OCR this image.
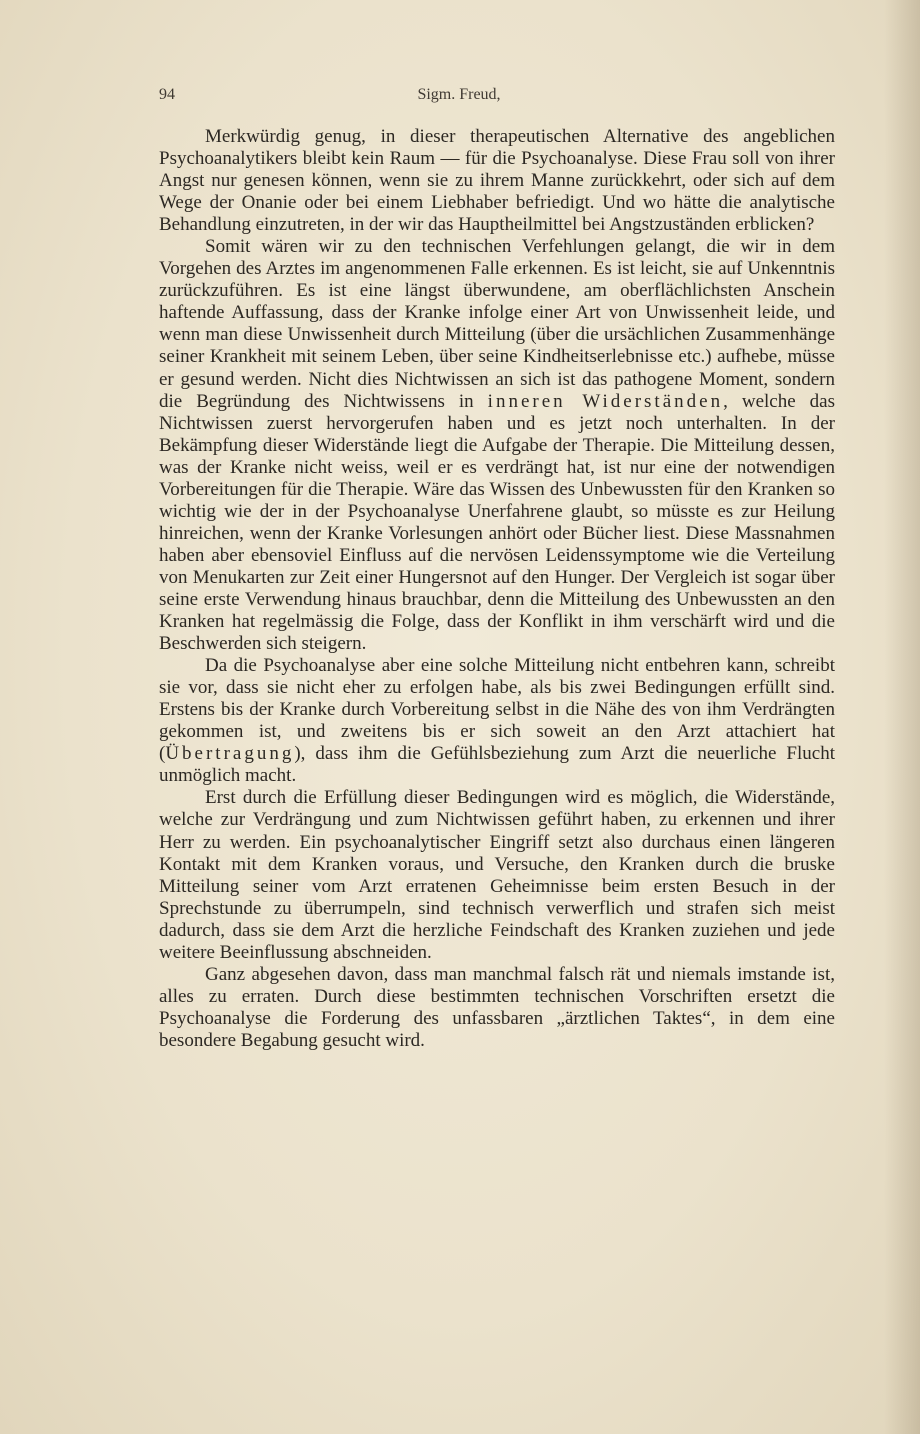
94	Sigm. Freud,

Merkwürdig genug, in dieser therapeutischen Alternative des angeblichen Psychoanalytikers bleibt kein Raum — für die Psychoanalyse. Diese Frau soll von ihrer Angst nur genesen können, wenn sie zu ihrem Manne zurückkehrt, oder sich auf dem Wege der Onanie oder bei einem Liebhaber befriedigt. Und wo hätte die analytische Behandlung einzutreten, in der wir das Haupthеilmittel bei Angstzuständen erblicken?

Somit wären wir zu den technischen Verfehlungen gelangt, die wir in dem Vorgehen des Arztes im angenommenen Falle erkennen. Es ist leicht, sie auf Unkenntnis zurückzuführen. Es ist eine längst überwundene, am oberflächlichsten Anschein haftende Auffassung, dass der Kranke infolge einer Art von Unwissenheit leide, und wenn man diese Unwissenheit durch Mitteilung (über die ursächlichen Zusammenhänge seiner Krankheit mit seinem Leben, über seine Kindheitserlebnisse etc.) aufhebe, müsse er gesund werden. Nicht dies Nichtwissen an sich ist das pathogene Moment, sondern die Begründung des Nichtwissens in inneren Widerständen, welche das Nichtwissen zuerst hervorgerufen haben und es jetzt noch unterhalten. In der Bekämpfung dieser Widerstände liegt die Aufgabe der Therapie. Die Mitteilung dessen, was der Kranke nicht weiss, weil er es verdrängt hat, ist nur eine der notwendigen Vorbereitungen für die Therapie. Wäre das Wissen des Unbewussten für den Kranken so wichtig wie der in der Psychoanalyse Unerfahrene glaubt, so müsste es zur Heilung hinreichen, wenn der Kranke Vorlesungen anhört oder Bücher liest. Diese Massnahmen haben aber ebensoviel Einfluss auf die nervösen Leidenssymptome wie die Verteilung von Menukarten zur Zeit einer Hungersnot auf den Hunger. Der Vergleich ist sogar über seine erste Verwendung hinaus brauchbar, denn die Mitteilung des Unbewussten an den Kranken hat regelmässig die Folge, dass der Konflikt in ihm verschärft wird und die Beschwerden sich steigern.

Da die Psychoanalyse aber eine solche Mitteilung nicht entbehren kann, schreibt sie vor, dass sie nicht eher zu erfolgen habe, als bis zwei Bedingungen erfüllt sind. Erstens bis der Kranke durch Vorbereitung selbst in die Nähe des von ihm Verdrängten gekommen ist, und zweitens bis er sich soweit an den Arzt attachiert hat (Übertragung), dass ihm die Gefühlsbeziehung zum Arzt die neuerliche Flucht unmöglich macht.

Erst durch die Erfüllung dieser Bedingungen wird es möglich, die Widerstände, welche zur Verdrängung und zum Nichtwissen geführt haben, zu erkennen und ihrer Herr zu werden. Ein psychoanalytischer Eingriff setzt also durchaus einen längeren Kontakt mit dem Kranken voraus, und Versuche, den Kranken durch die bruske Mitteilung seiner vom Arzt erratenen Geheimnisse beim ersten Besuch in der Sprechstunde zu überrumpeln, sind technisch verwerflich und strafen sich meist dadurch, dass sie dem Arzt die herzliche Feindschaft des Kranken zuziehen und jede weitere Beeinflussung abschneiden.

Ganz abgesehen davon, dass man manchmal falsch rät und niemals imstande ist, alles zu erraten. Durch diese bestimmten technischen Vorschriften ersetzt die Psychoanalyse die Forderung des unfassbaren „ärztlichen Taktes“, in dem eine besondere Begabung gesucht wird.
